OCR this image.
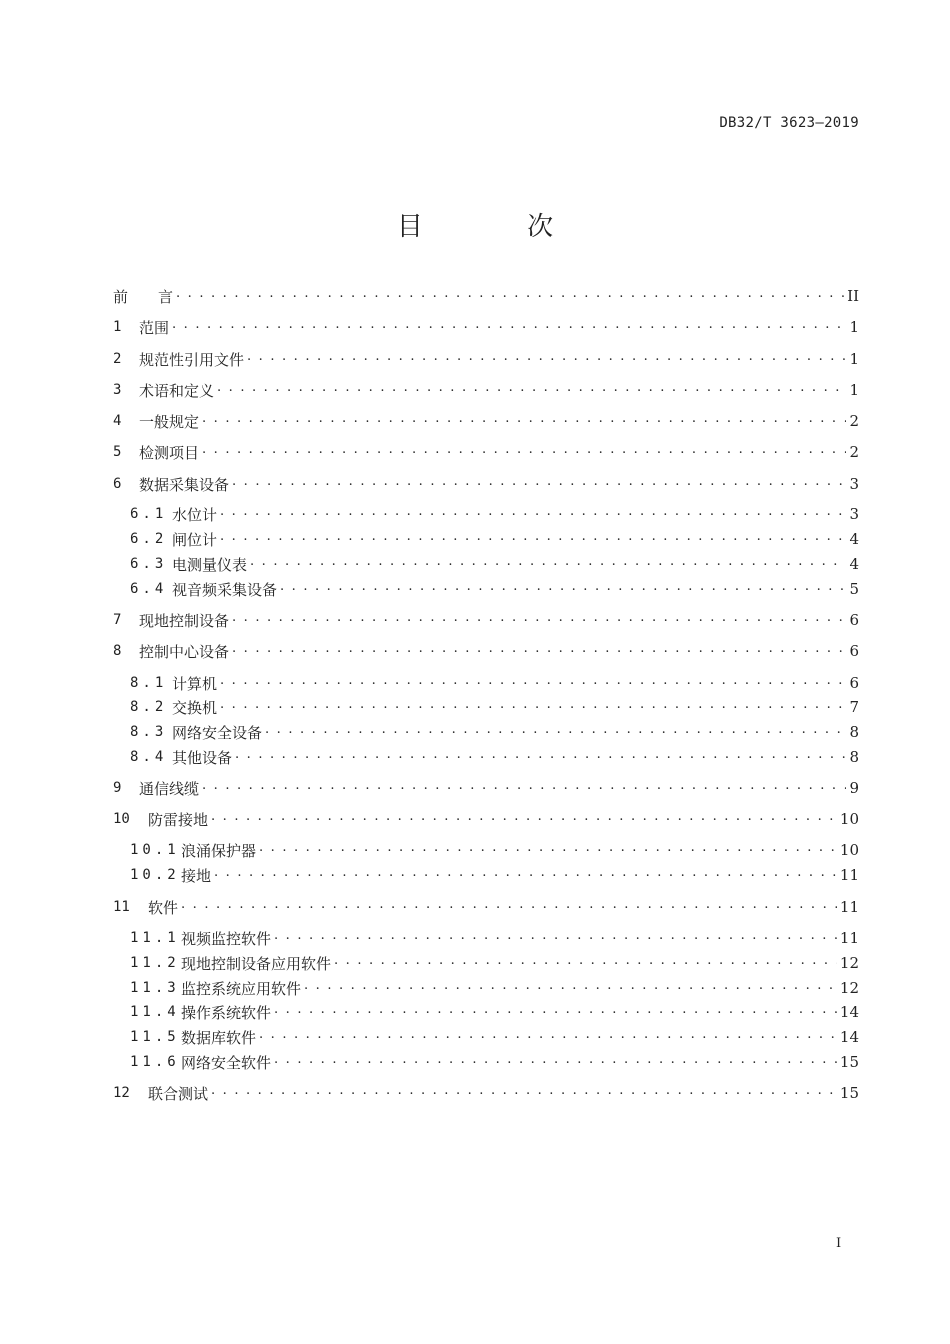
DB32/T 3623—2019
目 次
前　　言 . . .	II
1	范围 . . .	1
2	规范性引用文件 . . .	1
3	术语和定义 . . .	1
4	一般规定 . . .	2
5	检测项目 . . .	2
6	数据采集设备 . . .	3
6.1 水位计 . . .	3
6.2 闸位计 . . .	4
6.3 电测量仪表 . . .	4
6.4 视音频采集设备 . . .	5
7	现地控制设备 . . .	6
8	控制中心设备 . . .	6
8.1 计算机 . . .	6
8.2 交换机 . . .	7
8.3 网络安全设备 . . .	8
8.4 其他设备 . . .	8
9	通信线缆 . . .	9
10	防雷接地 . . .	10
10.1 浪涌保护器 . . .	10
10.2 接地 . . .	11
11	软件 . . .	11
11.1 视频监控软件 . . .	11
11.2 现地控制设备应用软件 . . .	12
11.3 监控系统应用软件 . . .	12
11.4 操作系统软件 . . .	14
11.5 数据库软件 . . .	14
11.6 网络安全软件 . . .	15
12	联合测试 . . .	15
I
